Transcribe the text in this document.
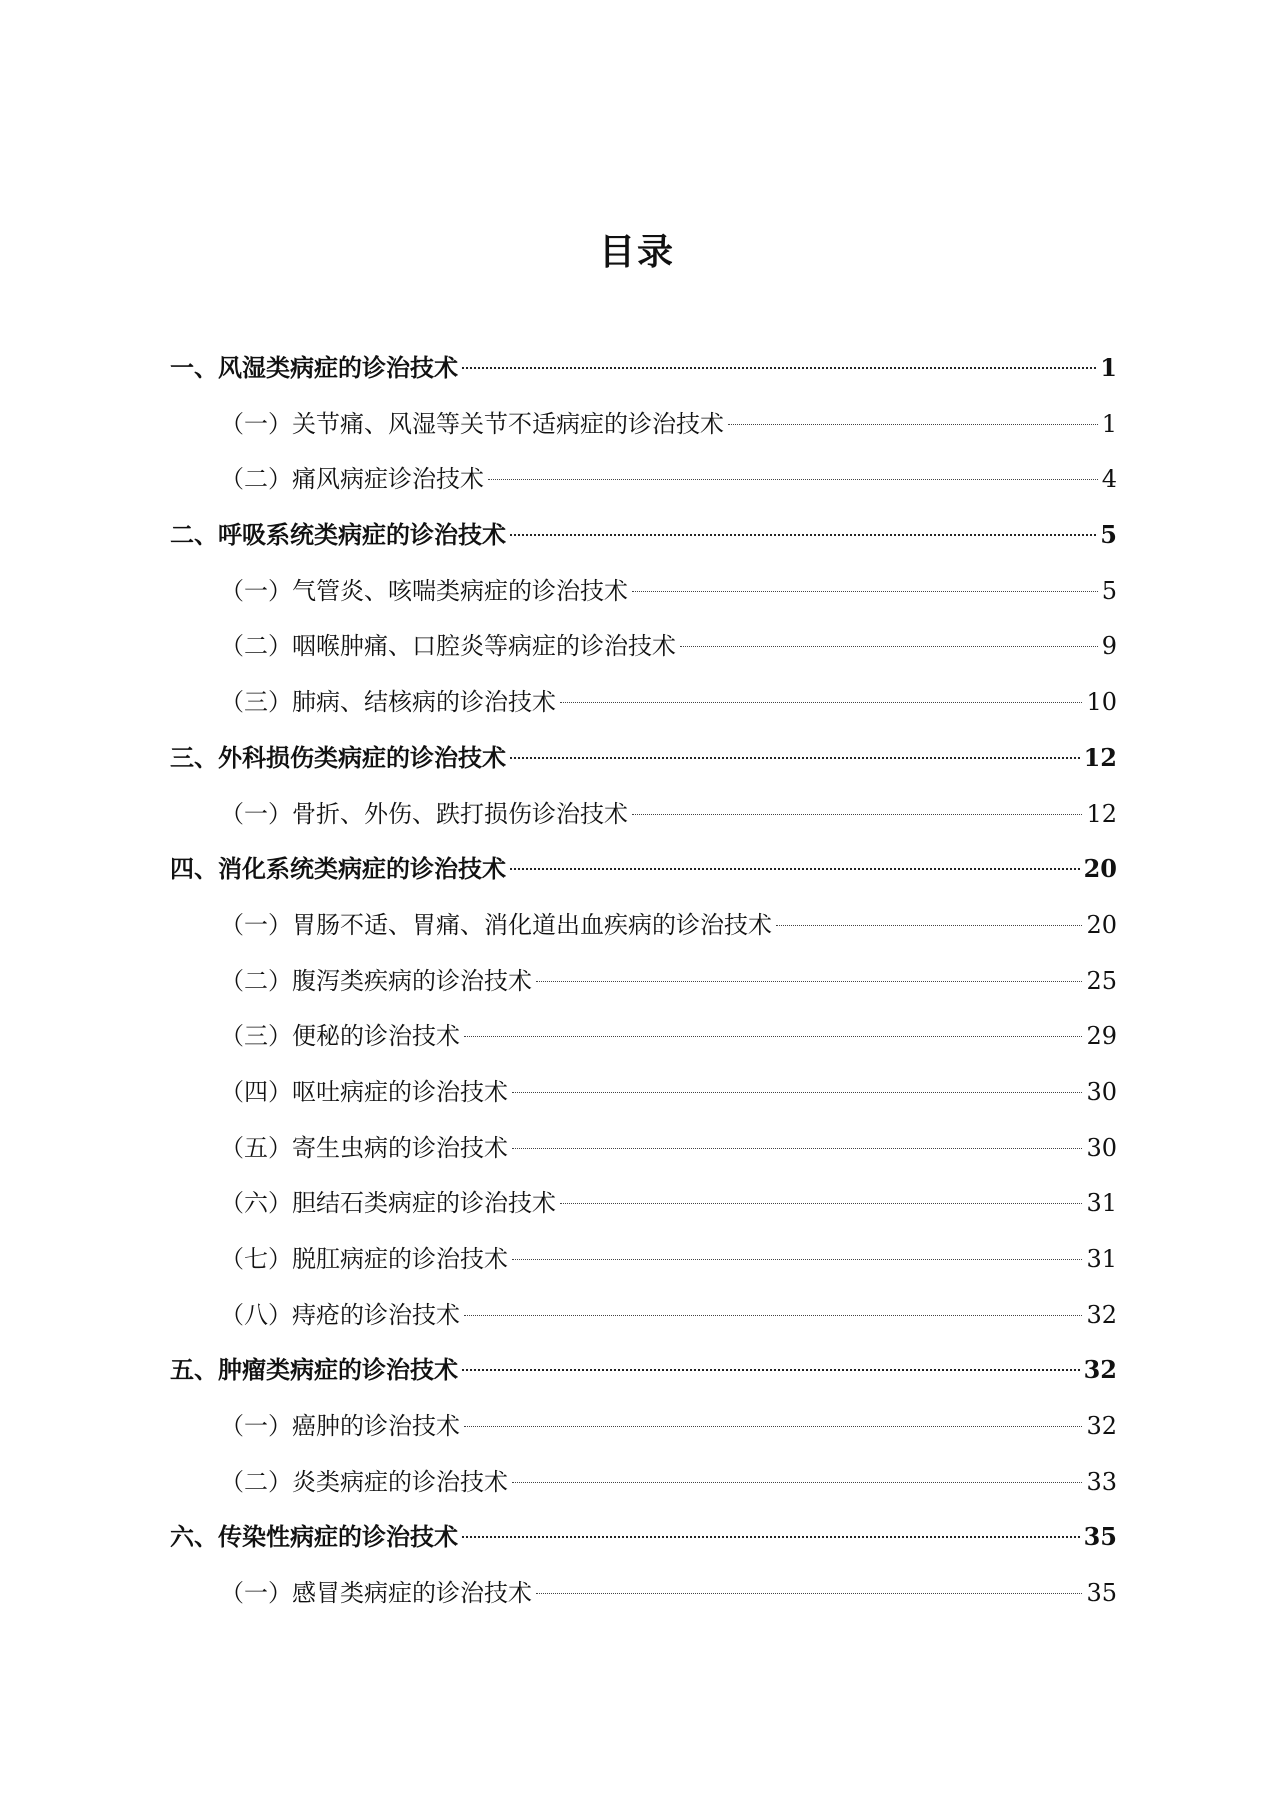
目录
一、风湿类病症的诊治技术	1
（一）关节痛、风湿等关节不适病症的诊治技术	1
（二）痛风病症诊治技术	4
二、呼吸系统类病症的诊治技术	5
（一）气管炎、咳喘类病症的诊治技术	5
（二）咽喉肿痛、口腔炎等病症的诊治技术	9
（三）肺病、结核病的诊治技术	10
三、外科损伤类病症的诊治技术	12
（一）骨折、外伤、跌打损伤诊治技术	12
四、消化系统类病症的诊治技术	20
（一）胃肠不适、胃痛、消化道出血疾病的诊治技术	20
（二）腹泻类疾病的诊治技术	25
（三）便秘的诊治技术	29
（四）呕吐病症的诊治技术	30
（五）寄生虫病的诊治技术	30
（六）胆结石类病症的诊治技术	31
（七）脱肛病症的诊治技术	31
（八）痔疮的诊治技术	32
五、肿瘤类病症的诊治技术	32
（一）癌肿的诊治技术	32
（二）炎类病症的诊治技术	33
六、传染性病症的诊治技术	35
（一）感冒类病症的诊治技术	35
